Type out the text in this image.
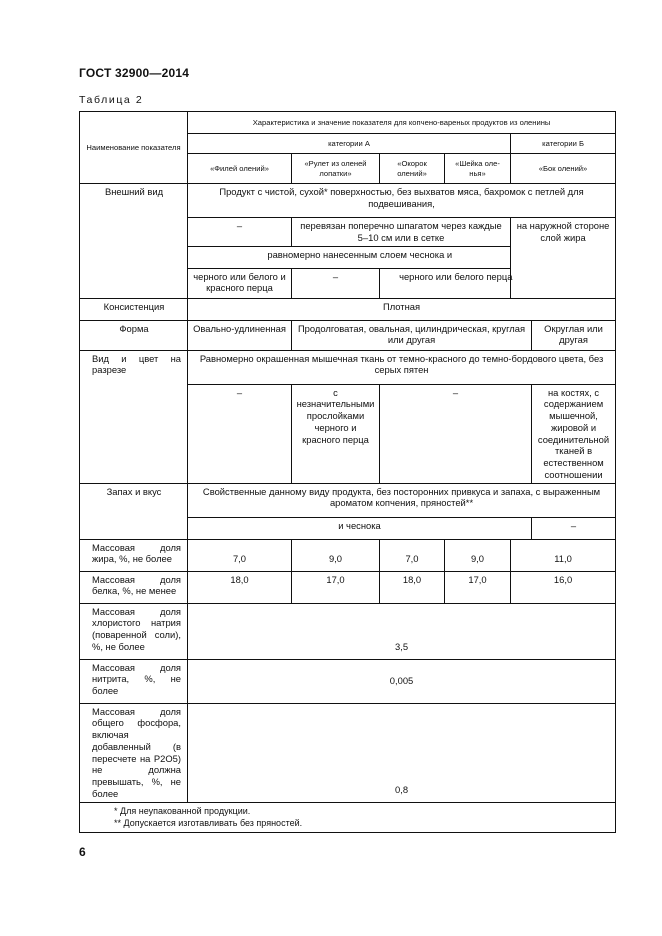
ГОСТ 32900—2014
Таблица 2
Наименование показателя	Характеристика и значение показателя для копчено-вареных продуктов из оленины					
	категории А				категории Б	
	«Филей олений»	«Рулет из оленей лопатки»	«Окорок олений»	«Шейка оле-нья»	«Бок олений»	
Внешний вид	Продукт с чистой, сухой* поверхностью, без выхватов мяса, бахромок с петлей для подвешивания,					
	–	перевязан поперечно шпагатом через каждые 5–10 см или в сетке			на наружной стороне слой жира	
	равномерно нанесенным слоем чеснока и					
	черного или белого и красного перца	–	черного или белого перца			
Консистенция	Плотная					
Форма	Овально-удлиненная	Продолговатая, овальная, цилиндрическая, круглая или другая				Округлая или другая
Вид и цвет на разрезе	Равномерно окрашенная мышечная ткань от темно-красного до темно-бордового цвета, без серых пятен					
	–	с незначительными прослойками черного и красного перца	–			на костях, с содержанием мышечной, жировой и соединительной тканей в естественном соотношении
Запах и вкус	Свойственные данному виду продукта, без посторонних привкуса и запаха, с выраженным ароматом копчения, пряностей**					
	и чеснока					–
Массовая доля жира, %, не более	7,0	9,0	7,0	9,0	11,0	
Массовая доля белка, %, не менее	18,0	17,0	18,0	17,0	16,0	
Массовая доля хлористого натрия (поваренной соли), %, не более	3,5					
Массовая доля нитрита, %, не более	0,005					
Массовая доля общего фосфора, включая добавленный (в пересчете на P2O5) не должна превышать, %, не более	0,8					

* Для неупакованной продукции.
** Допускается изготавливать без пряностей.						
6
